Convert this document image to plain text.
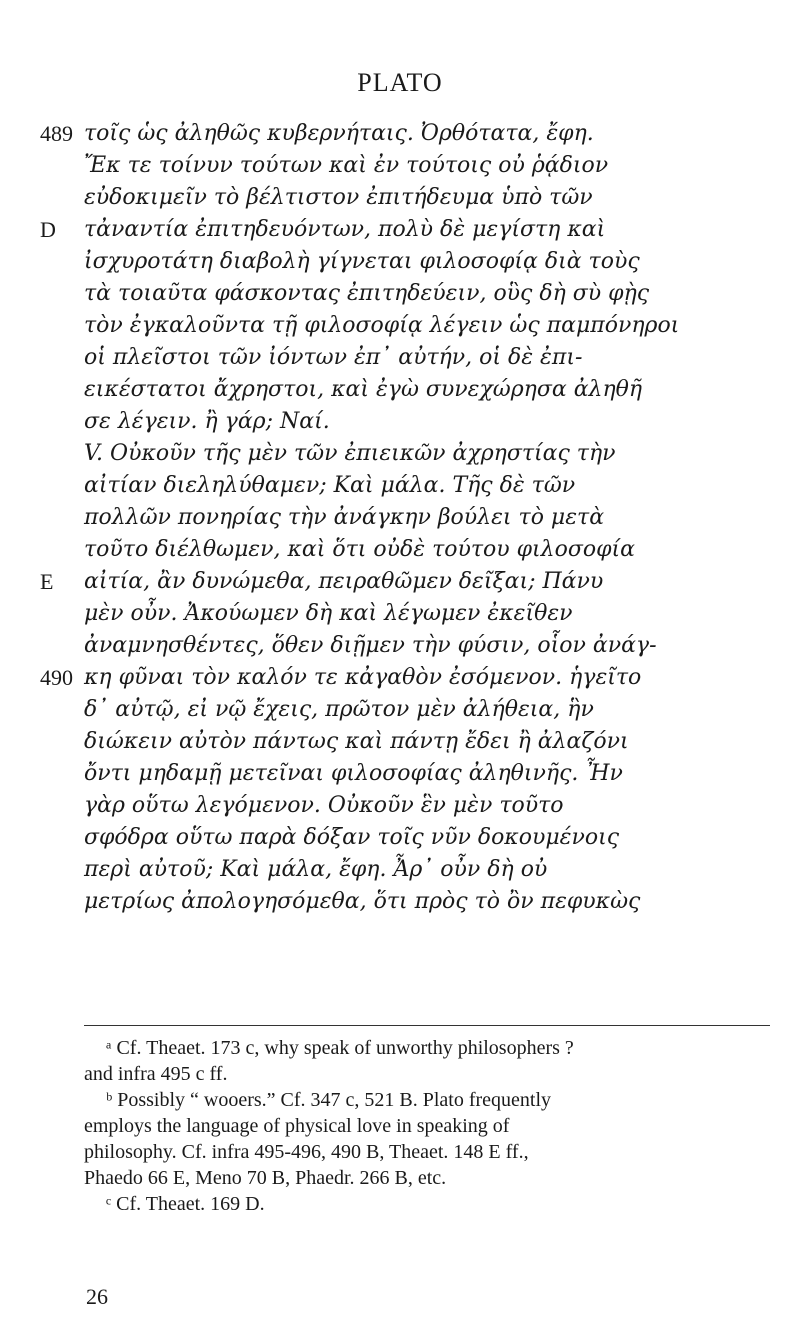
PLATO
489 τοῖς ὡς ἀληθῶς κυβερνήταις. Ὀρθότατα, ἔφη.
Ἔκ τε τοίνυν τούτων καὶ ἐν τούτοις οὐ ῥᾴδιον
εὐδοκιμεῖν τὸ βέλτιστον ἐπιτήδευμα ὑπὸ τῶν
D	τἀναντία ἐπιτηδευόντων, πολὺ δὲ μεγίστη καὶ
ἰσχυροτάτη διαβολὴ γίγνεται φιλοσοφίᾳ διὰ τοὺς
τὰ τοιαῦτα φάσκοντας ἐπιτηδεύειν, οὓς δὴ σὺ φῂς
τὸν ἐγκαλοῦντα τῇ φιλοσοφίᾳ λέγειν ὡς παμπόνηροι
οἱ πλεῖστοι τῶν ἰόντων ἐπ᾽ αὐτήν, οἱ δὲ ἐπι-
εικέστατοι ἄχρηστοι, καὶ ἐγὼ συνεχώρησα ἀληθῆ
σε λέγειν. ἢ γάρ; Ναί.
V. Οὐκοῦν τῆς μὲν τῶν ἐπιεικῶν ἀχρηστίας τὴν
αἰτίαν διεληλύθαμεν; Καὶ μάλα. Τῆς δὲ τῶν
πολλῶν πονηρίας τὴν ἀνάγκην βούλει τὸ μετὰ
τοῦτο διέλθωμεν, καὶ ὅτι οὐδὲ τούτου φιλοσοφία
E	αἰτία, ἂν δυνώμεθα, πειραθῶμεν δεῖξαι; Πάνυ
μὲν οὖν. Ἀκούωμεν δὴ καὶ λέγωμεν ἐκεῖθεν
ἀναμνησθέντες, ὅθεν διῇμεν τὴν φύσιν, οἷον ἀνάγ-
490 κη φῦναι τὸν καλόν τε κἀγαθὸν ἐσόμενον. ἡγεῖτο
δ᾽ αὐτῷ, εἰ νῷ ἔχεις, πρῶτον μὲν ἀλήθεια, ἣν
διώκειν αὐτὸν πάντως καὶ πάντῃ ἔδει ἢ ἀλαζόνι
ὄντι μηδαμῇ μετεῖναι φιλοσοφίας ἀληθινῆς. Ἦν
γὰρ οὕτω λεγόμενον. Οὐκοῦν ἓν μὲν τοῦτο
σφόδρα οὕτω παρὰ δόξαν τοῖς νῦν δοκουμένοις
περὶ αὐτοῦ; Καὶ μάλα, ἔφη. Ἆρ᾽ οὖν δὴ οὐ
μετρίως ἀπολογησόμεθα, ὅτι πρὸς τὸ ὂν πεφυκὼς
ᵃ Cf. Theaet. 173 c, why speak of unworthy philosophers ?
and infra 495 c ff.
ᵇ Possibly “ wooers.” Cf. 347 c, 521 B. Plato frequently
employs the language of physical love in speaking of
philosophy. Cf. infra 495-496, 490 B, Theaet. 148 E ff.,
Phaedo 66 E, Meno 70 B, Phaedr. 266 B, etc.
ᶜ Cf. Theaet. 169 D.
26
